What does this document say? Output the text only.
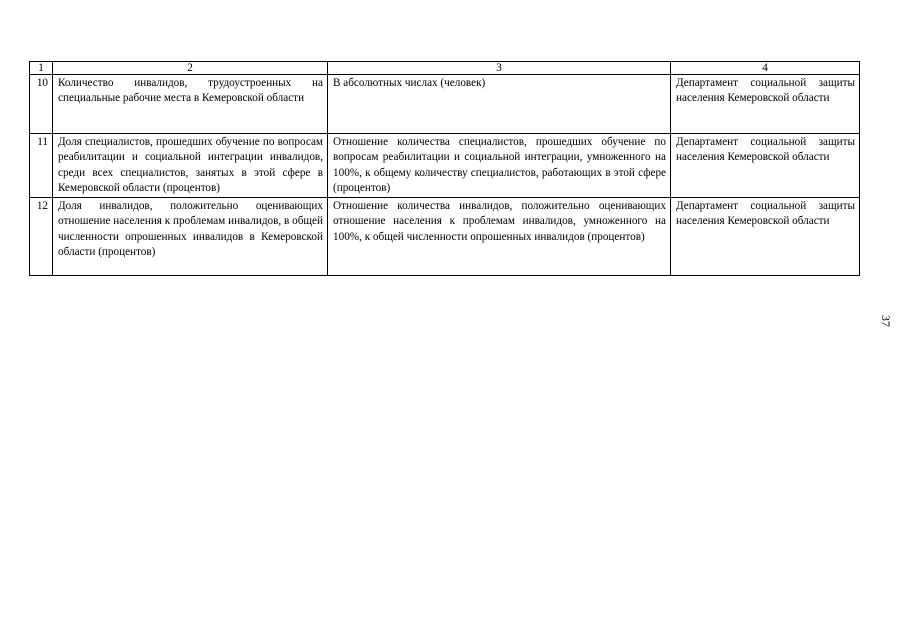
1	2	3	4
10	Количество инвалидов, трудоустроенных на специальные рабочие места в Кемеровской области	В абсолютных числах (человек)	Департамент социальной защиты населения Кемеровской области
11	Доля специалистов, прошедших обучение по вопросам реабилитации и социальной интеграции инвалидов, среди всех специалистов, занятых в этой сфере в Кемеровской области (процентов)	Отношение количества специалистов, прошедших обучение по вопросам реабилитации и социальной интеграции, умноженного на 100%, к общему количеству специалистов, работающих в этой сфере (процентов)	Департамент социальной защиты населения Кемеровской области
12	Доля инвалидов, положительно оценивающих отношение населения к проблемам инвалидов, в общей численности опрошенных инвалидов в Кемеровской области (процентов)	Отношение количества инвалидов, положительно оценивающих отношение населения к проблемам инвалидов, умноженного на 100%, к общей численности опрошенных инвалидов (процентов)	Департамент социальной защиты населения Кемеровской области
37
